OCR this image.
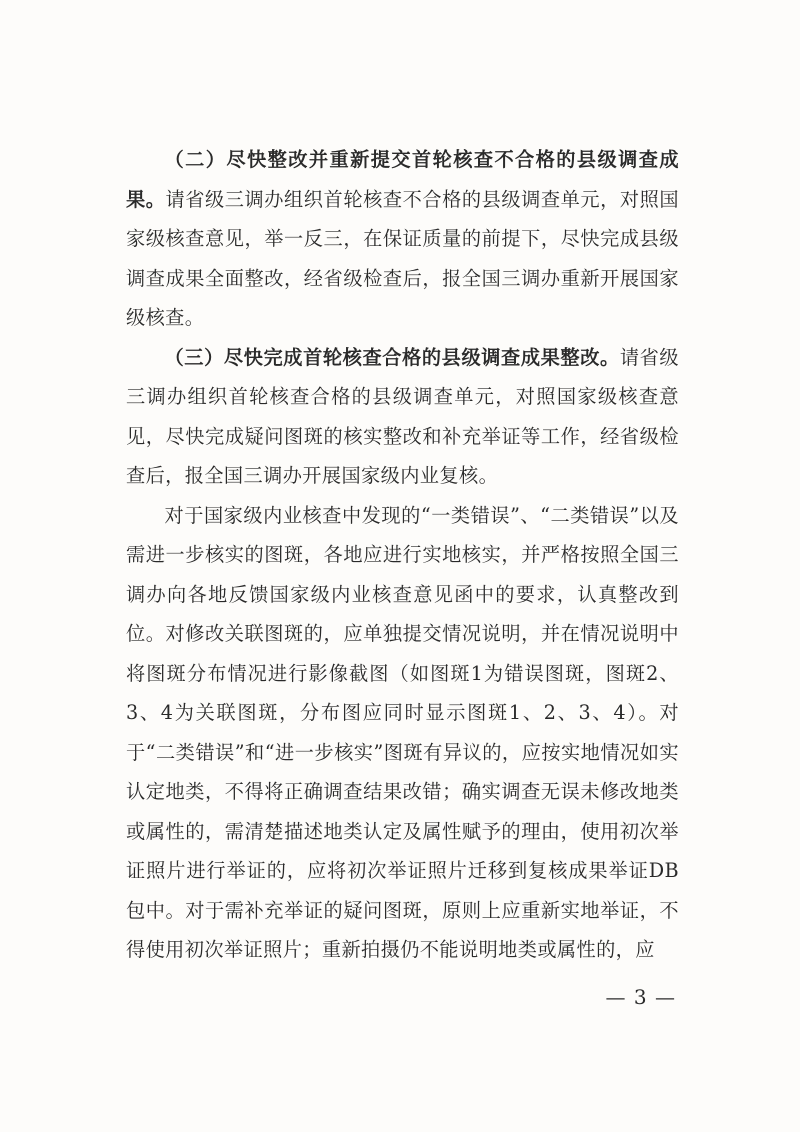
（二）尽快整改并重新提交首轮核查不合格的县级调查成果。请省级三调办组织首轮核查不合格的县级调查单元，对照国家级核查意见，举一反三，在保证质量的前提下，尽快完成县级调查成果全面整改，经省级检查后，报全国三调办重新开展国家级核查。

（三）尽快完成首轮核查合格的县级调查成果整改。请省级三调办组织首轮核查合格的县级调查单元，对照国家级核查意见，尽快完成疑问图斑的核实整改和补充举证等工作，经省级检查后，报全国三调办开展国家级内业复核。

对于国家级内业核查中发现的“一类错误”、“二类错误”以及需进一步核实的图斑，各地应进行实地核实，并严格按照全国三调办向各地反馈国家级内业核查意见函中的要求，认真整改到位。对修改关联图斑的，应单独提交情况说明，并在情况说明中将图斑分布情况进行影像截图（如图斑1为错误图斑，图斑2、3、4为关联图斑，分布图应同时显示图斑1、2、3、4）。对于“二类错误”和“进一步核实”图斑有异议的，应按实地情况如实认定地类，不得将正确调查结果改错；确实调查无误未修改地类或属性的，需清楚描述地类认定及属性赋予的理由，使用初次举证照片进行举证的，应将初次举证照片迁移到复核成果举证DB包中。对于需补充举证的疑问图斑，原则上应重新实地举证，不得使用初次举证照片；重新拍摄仍不能说明地类或属性的，应

— 3 —
